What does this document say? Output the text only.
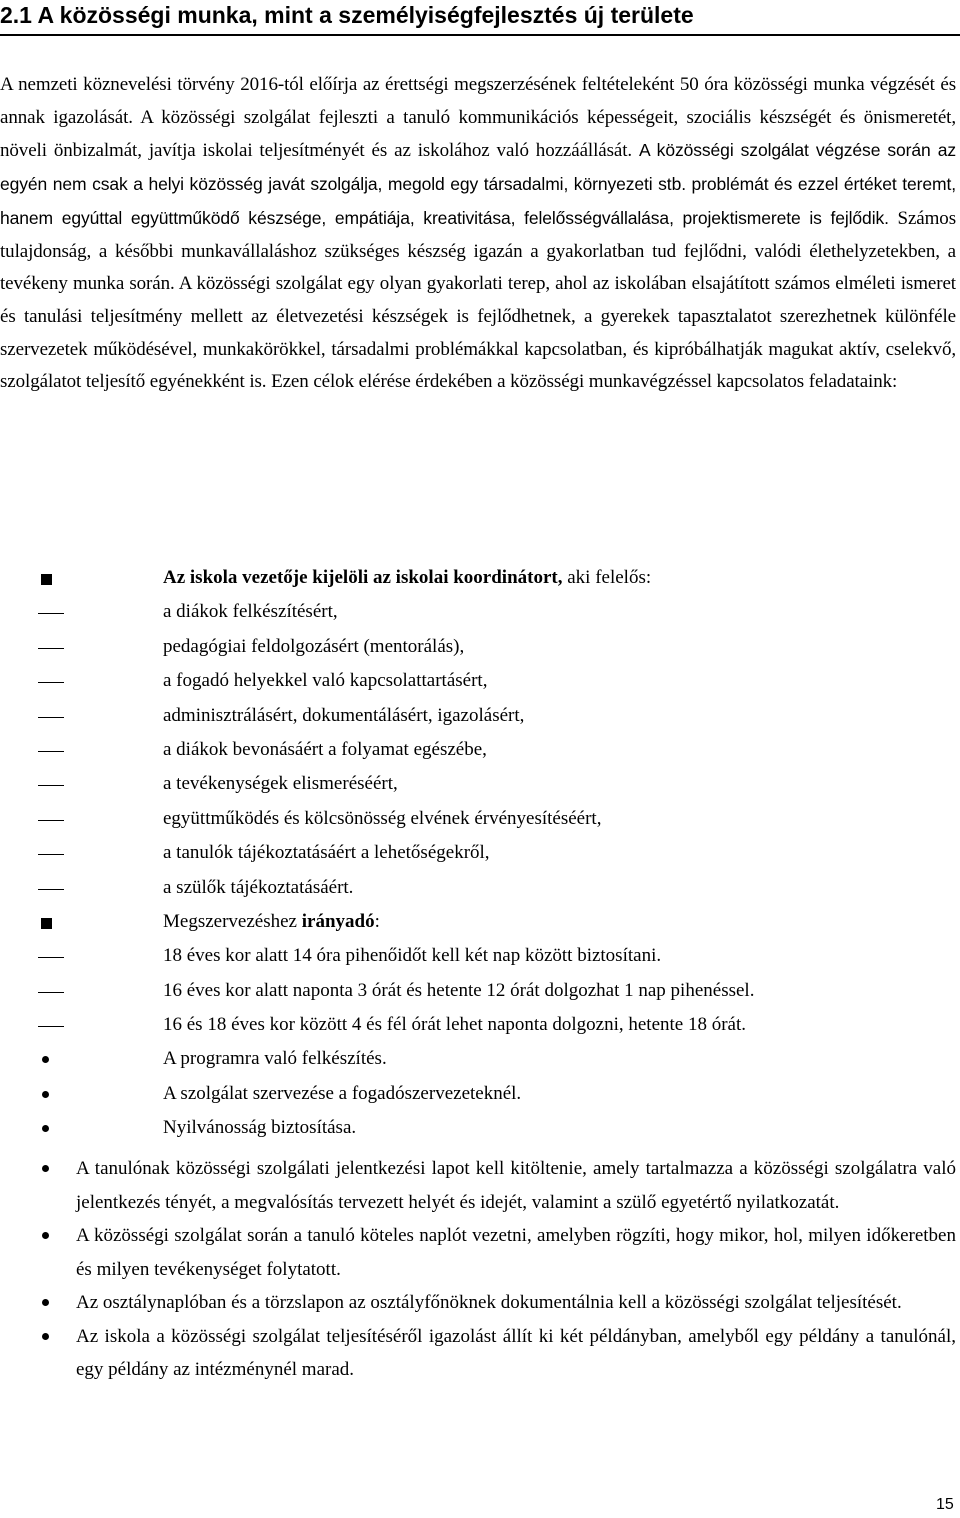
2.1 A közösségi munka, mint a személyiségfejlesztés új területe

A nemzeti köznevelési törvény 2016-tól előírja az érettségi megszerzésének feltételeként 50 óra közösségi munka végzését és annak igazolását. A közösségi szolgálat fejleszti a tanuló kommunikációs képességeit, szociális készségét és önismeretét, növeli önbizalmát, javítja iskolai teljesítményét és az iskolához való hozzáállását. A közösségi szolgálat végzése során az egyén nem csak a helyi közösség javát szolgálja, megold egy társadalmi, környezeti stb. problémát és ezzel értéket teremt, hanem egyúttal együttműködő készsége, empátiája, kreativitása, felelősségvállalása, projektismerete is fejlődik. Számos tulajdonság, a későbbi munkavállaláshoz szükséges készség igazán a gyakorlatban tud fejlődni, valódi élethelyzetekben, a tevékeny munka során. A közösségi szolgálat egy olyan gyakorlati terep, ahol az iskolában elsajátított számos elméleti ismeret és tanulási teljesítmény mellett az életvezetési készségek is fejlődhetnek, a gyerekek tapasztalatot szerezhetnek különféle szervezetek működésével, munkakörökkel, társadalmi problémákkal kapcsolatban, és kipróbálhatják magukat aktív, cselekvő, szolgálatot teljesítő egyénekként is. Ezen célok elérése érdekében a közösségi munkavégzéssel kapcsolatos feladataink:

Az iskola vezetője kijelöli az iskolai koordinátort, aki felelős:
a diákok felkészítésért,
pedagógiai feldolgozásért (mentorálás),
a fogadó helyekkel való kapcsolattartásért,
adminisztrálásért, dokumentálásért, igazolásért,
a diákok bevonásáért a folyamat egészébe,
a tevékenységek elismeréséért,
együttműködés és kölcsönösség elvének érvényesítéséért,
a tanulók tájékoztatásáért a lehetőségekről,
a szülők tájékoztatásáért.
Megszervezéshez irányadó:
18 éves kor alatt 14 óra pihenőidőt kell két nap között biztosítani.
16 éves kor alatt naponta 3 órát és hetente 12 órát dolgozhat 1 nap pihenéssel.
16 és 18 éves kor között 4 és fél órát lehet naponta dolgozni, hetente 18 órát.
A programra való felkészítés.
A szolgálat szervezése a fogadószervezeteknél.
Nyilvánosság biztosítása.
A tanulónak közösségi szolgálati jelentkezési lapot kell kitöltenie, amely tartalmazza a közösségi szolgálatra való jelentkezés tényét, a megvalósítás tervezett helyét és idejét, valamint a szülő egyetértő nyilatkozatát.
A közösségi szolgálat során a tanuló köteles naplót vezetni, amelyben rögzíti, hogy mikor, hol, milyen időkeretben és milyen tevékenységet folytatott.
Az osztálynaplóban és a törzslapon az osztályfőnöknek dokumentálnia kell a közösségi szolgálat teljesítését.
Az iskola a közösségi szolgálat teljesítéséről igazolást állít ki két példányban, amelyből egy példány a tanulónál, egy példány az intézménynél marad.
15
